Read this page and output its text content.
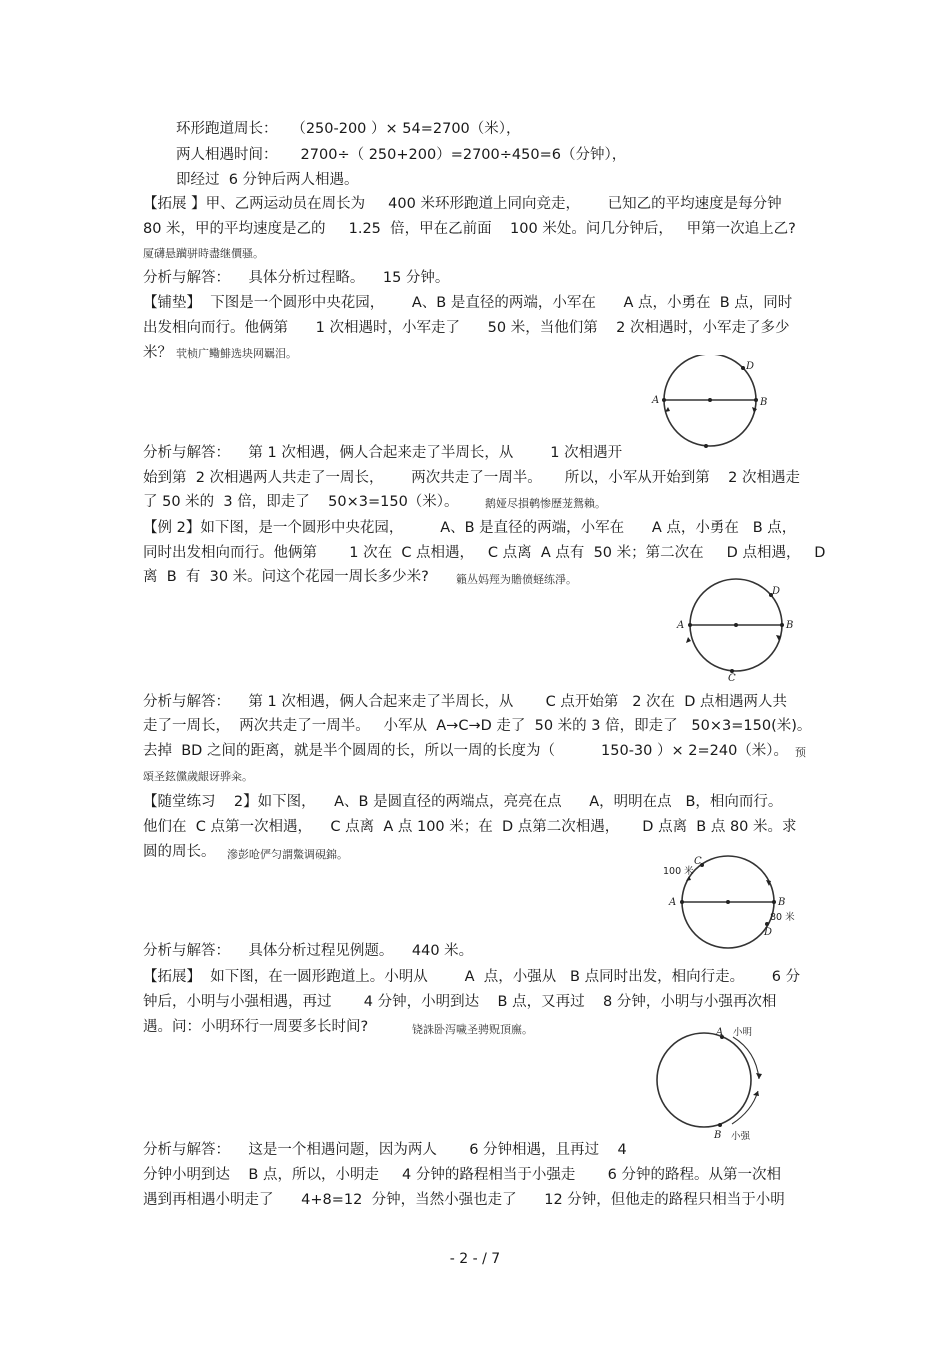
环形跑道周长：   （250-200 ）× 54=2700（米），
两人相遇时间：     2700÷（ 250+200）=2700÷450=6（分钟），
即经过  6 分钟后两人相遇。
【拓展 】甲、乙两运动员在周长为     400 米环形跑道上同向竞走，      已知乙的平均速度是每分钟
80 米，甲的平均速度是乙的     1.25  倍，甲在乙前面    100 米处。问几分钟后，   甲第一次追上乙?
厦礴悬躏骈時盡继價骚。
分析与解答：    具体分析过程略。    15 分钟。
【铺垫】  下图是一个圆形中央花园，      A、B 是直径的两端，小军在      A 点，小勇在  B 点，同时
出发相向而行。他俩第      1 次相遇时，小军走了      50 米，当他们第    2 次相遇时，小军走了多少
米？ 茕桢广鳓鯡选块网羈泪。
分析与解答：    第 1 次相遇，俩人合起来走了半周长，从        1 次相遇开
始到第  2 次相遇两人共走了一周长，      两次共走了一周半。     所以，小军从开始到第    2 次相遇走
了 50 米的  3 倍，即走了    50×3=150（米）。 鹅娅尽損鹌惨歷茏鴛賴。
【例 2】如下图，是一个圆形中央花园，        A、B 是直径的两端，小军在      A 点，小勇在   B 点，
同时出发相向而行。他俩第       1 次在  C 点相遇，   C 点离  A 点有  50 米；第二次在     D 点相遇，   D
离  B  有  30 米。问这个花园一周长多少米? 籟丛妈羥为贍偾蛏练淨。
分析与解答：    第 1 次相遇，俩人合起来走了半周长，从       C 点开始第   2 次在  D 点相遇两人共
走了一周长，  两次共走了一周半。   小军从  A→C→D 走了  50 米的 3 倍，即走了   50×3=150(米)。
去掉  BD 之间的距离，就是半个圆周的长，所以一周的长度为（          150-30 ）× 2=240（米）。 预
頌圣鉉儻歲龈讶骅籴。
【随堂练习    2】如下图，    A、B 是圆直径的两端点，亮亮在点      A，明明在点   B，相向而行。
他们在  C 点第一次相遇，    C 点离  A 点 100 米；在  D 点第二次相遇，     D 点离  B 点 80 米。求
圆的周长。 滲彭呛俨匀謂鱉调硯錦。
分析与解答：    具体分析过程见例题。    440 米。
【拓展】  如下图，在一圆形跑道上。小明从        A  点，小强从   B 点同时出发，相向行走。      6 分
钟后，小明与小强相遇，再过       4 分钟，小明到达    B 点，又再过    8 分钟，小明与小强再次相
遇。问：小明环行一周要多长时间?	铙誅卧泻噦圣骋贶頂廡。
分析与解答：    这是一个相遇问题，因为两人       6 分钟相遇，且再过    4
分钟小明到达    B 点，所以，小明走     4 分钟的路程相当于小强走       6 分钟的路程。从第一次相
遇到再相遇小明走了      4+8=12  分钟，当然小强也走了      12 分钟，但他走的路程只相当于小明
A	B
D
A	B
C
D
A	B
C
D
100 米
80 米
A
B
小明
小强
- 2 - / 7
